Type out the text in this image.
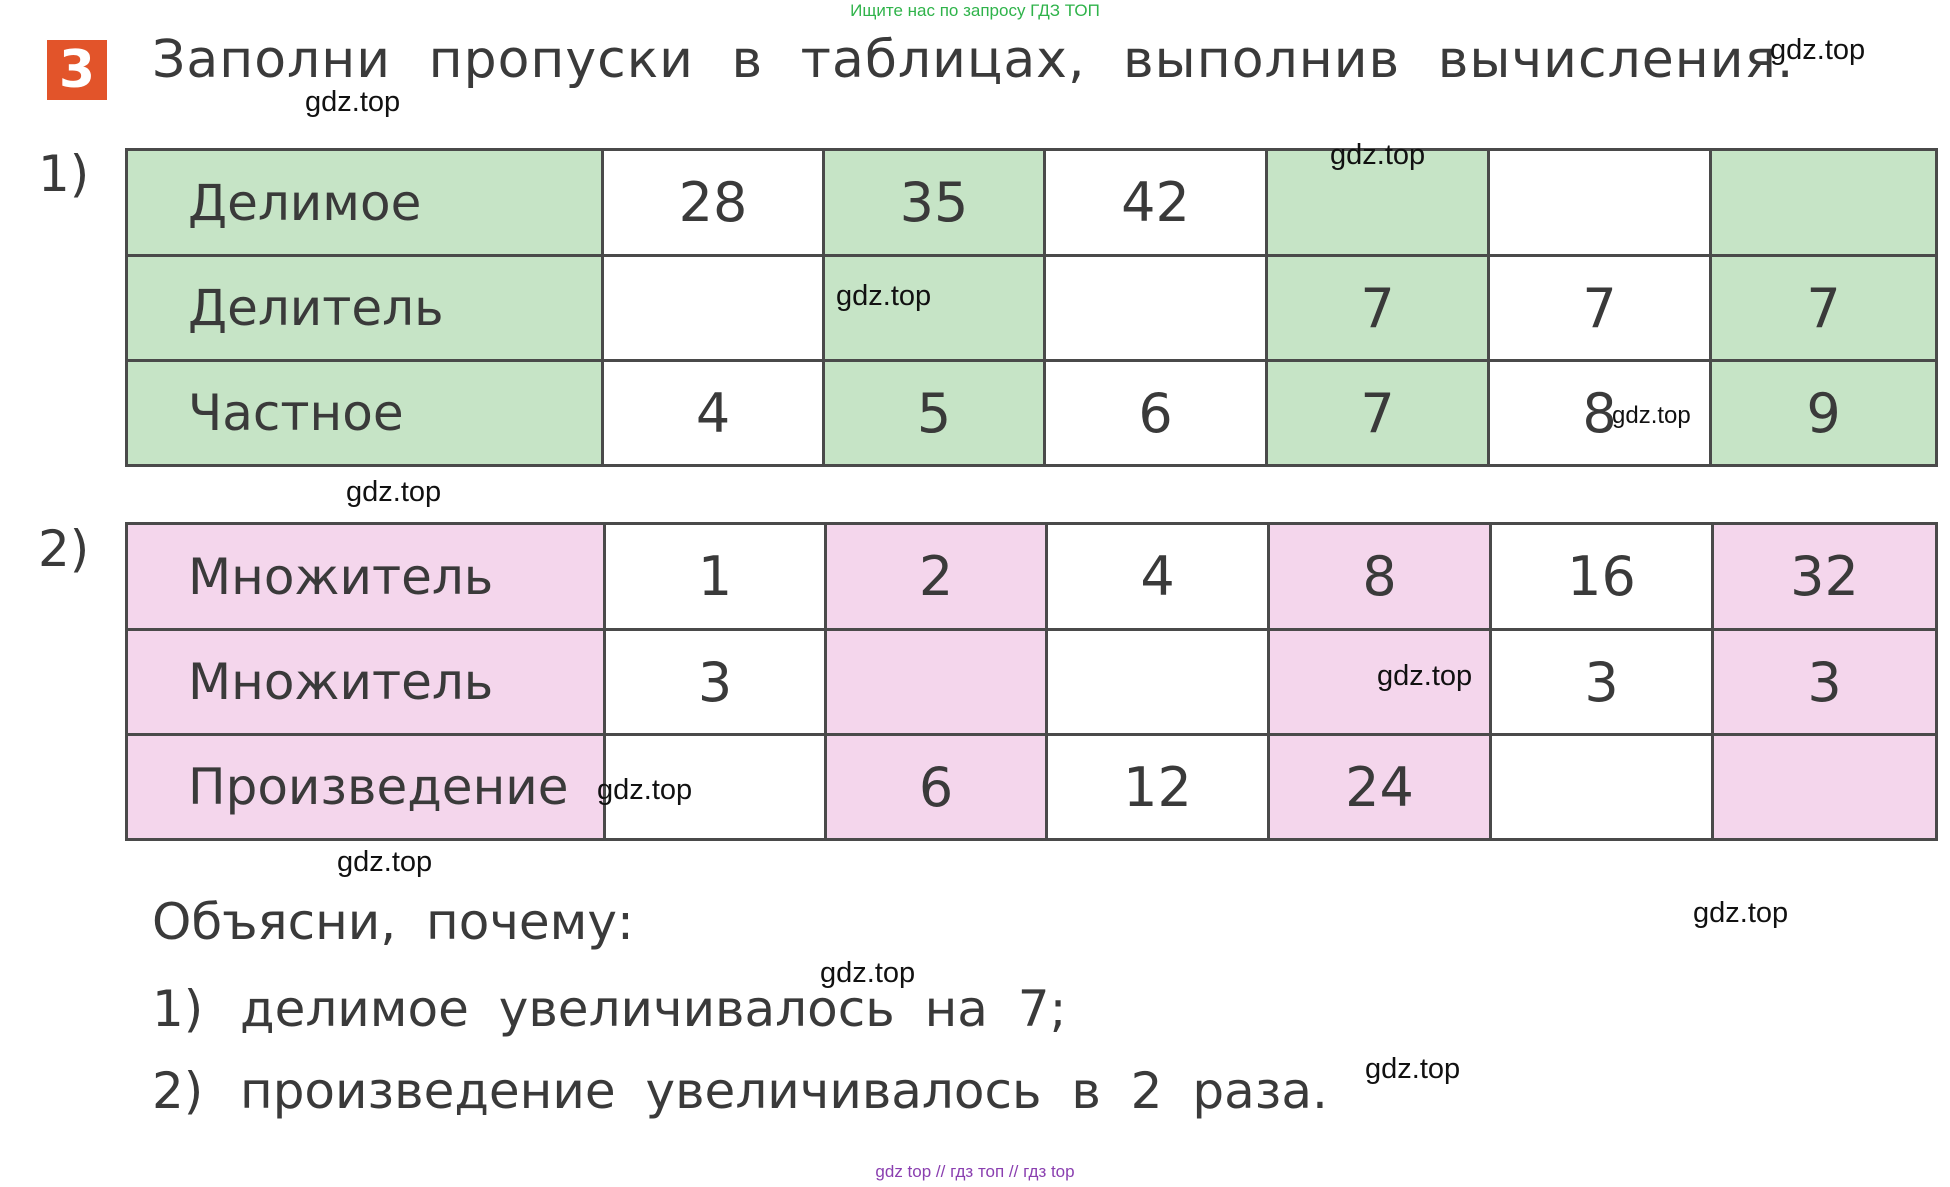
Ищите нас по запросу ГДЗ ТОП
3 Заполни пропуски в таблицах, выполнив вычисления.
1) Делимое	28	35	42			
Делитель				7	7	7
Частное	4	5	6	7	8	9
2) Множитель	1	2	4	8	16	32
Множитель	3				3	3
Произведение		6	12	24		
Объясни, почему:
1) делимое увеличивалось на 7;
2) произведение увеличивалось в 2 раза.
gdz.top
gdz.top
gdz.top
gdz.top
gdz.top
gdz.top
gdz.top
gdz.top
gdz.top
gdz.top
gdz.top
gdz.top
gdz top // гдз топ // гдз top
